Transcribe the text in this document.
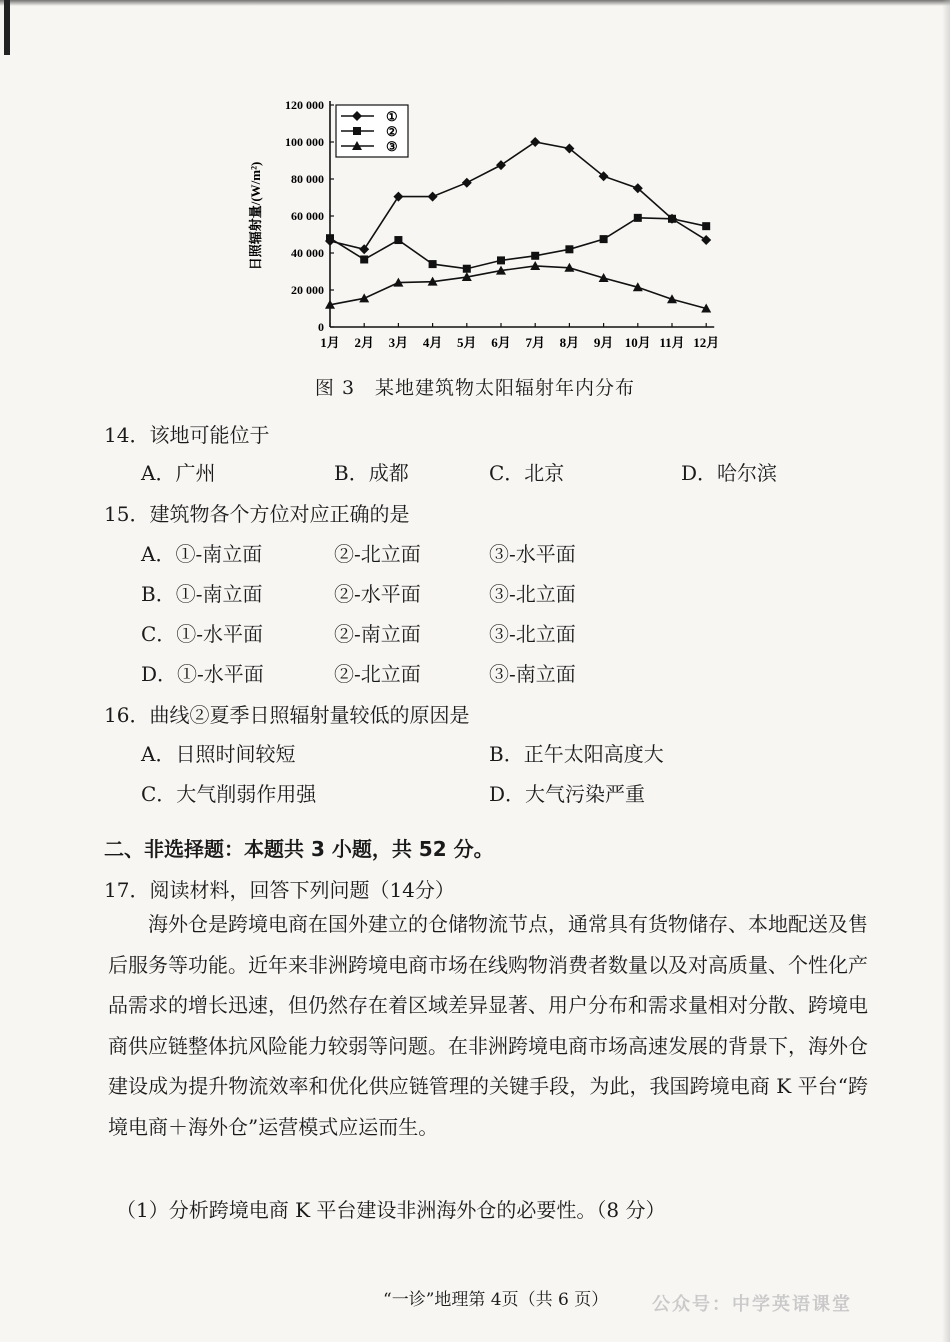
0
20 000
40 000
60 000
80 000
100 000
120 000
1月 2月 3月 4月 5月 6月 7月 8月 9月 10月 11月 12月
日照辐射量/(W/m²)
①
②
③
图 3　某地建筑物太阳辐射年内分布
14．该地可能位于
A．广州	B．成都	C．北京	D．哈尔滨
15．建筑物各个方位对应正确的是
A．①-南立面	②-北立面	③-水平面
B．①-南立面	②-水平面	③-北立面
C．①-水平面	②-南立面	③-北立面
D．①-水平面	②-北立面	③-南立面
16．曲线②夏季日照辐射量较低的原因是
A．日照时间较短	B．正午太阳高度大
C．大气削弱作用强	D．大气污染严重
二、非选择题：本题共 3 小题，共 52 分。
17．阅读材料，回答下列问题（14分）

海外仓是跨境电商在国外建立的仓储物流节点，通常具有货物储存、本地配送及售后服务等功能。近年来非洲跨境电商市场在线购物消费者数量以及对高质量、个性化产品需求的增长迅速，但仍然存在着区域差异显著、用户分布和需求量相对分散、跨境电商供应链整体抗风险能力较弱等问题。在非洲跨境电商市场高速发展的背景下，海外仓建设成为提升物流效率和优化供应链管理的关键手段，为此，我国跨境电商 K 平台“跨境电商＋海外仓”运营模式应运而生。

（1）分析跨境电商 K 平台建设非洲海外仓的必要性。（8 分）
“一诊”地理第 4页（共 6 页） 公众号：中学英语课堂
